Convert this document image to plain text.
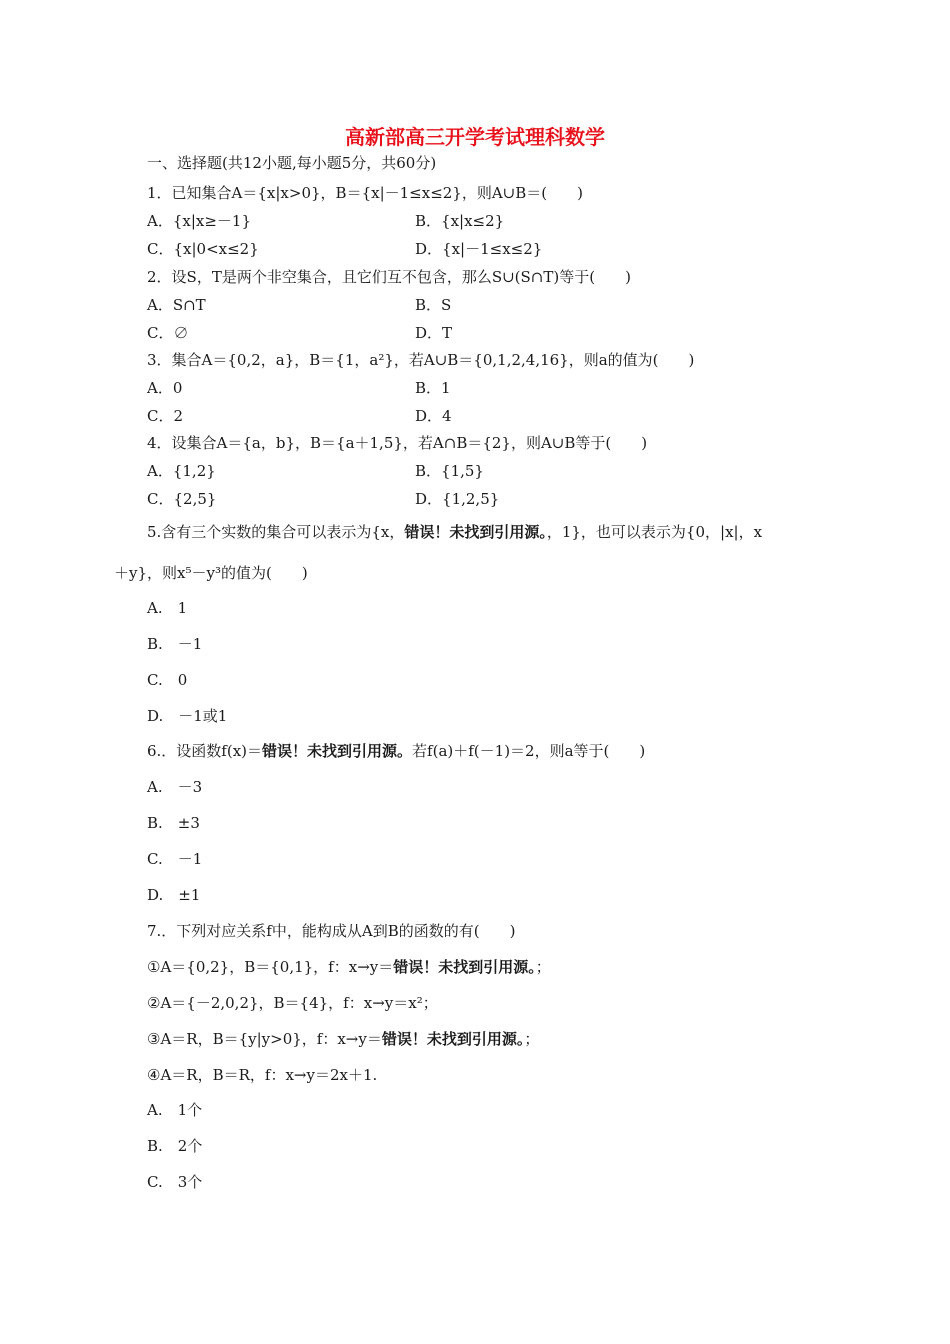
高新部高三开学考试理科数学
一、选择题(共12小题,每小题5分，共60分)
1．已知集合A＝{x|x>0}，B＝{x|－1≤x≤2}，则A∪B＝(　　)
A．{x|x≥－1}	B．{x|x≤2}
C．{x|0<x≤2}	D．{x|－1≤x≤2}
2．设S，T是两个非空集合，且它们互不包含，那么S∪(S∩T)等于(　　)
A．S∩T	B．S
C．∅	D．T
3．集合A＝{0,2，a}，B＝{1，a²}，若A∪B＝{0,1,2,4,16}，则a的值为(　　)
A．0	B．1
C．2	D．4
4．设集合A＝{a，b}，B＝{a＋1,5}，若A∩B＝{2}，则A∪B等于(　　)
A．{1,2}	B．{1,5}
C．{2,5}	D．{1,2,5}
5.含有三个实数的集合可以表示为{x，错误！未找到引用源。，1}，也可以表示为{0，|x|，x
＋y}，则x⁵－y³的值为(　　)
A.　1
B.　－1
C.　0
D.　－1或1
6.．设函数f(x)＝错误！未找到引用源。若f(a)＋f(－1)＝2，则a等于(　　)
A.　－3
B.　±3
C.　－1
D.　±1
7.．下列对应关系f中，能构成从A到B的函数的有(　　)
①A＝{0,2}，B＝{0,1}，f：x→y＝错误！未找到引用源。；
②A＝{－2,0,2}，B＝{4}，f：x→y＝x²；
③A＝R，B＝{y|y>0}，f：x→y＝错误！未找到引用源。；
④A＝R，B＝R，f：x→y＝2x＋1.
A.　1个
B.　2个
C.　3个
